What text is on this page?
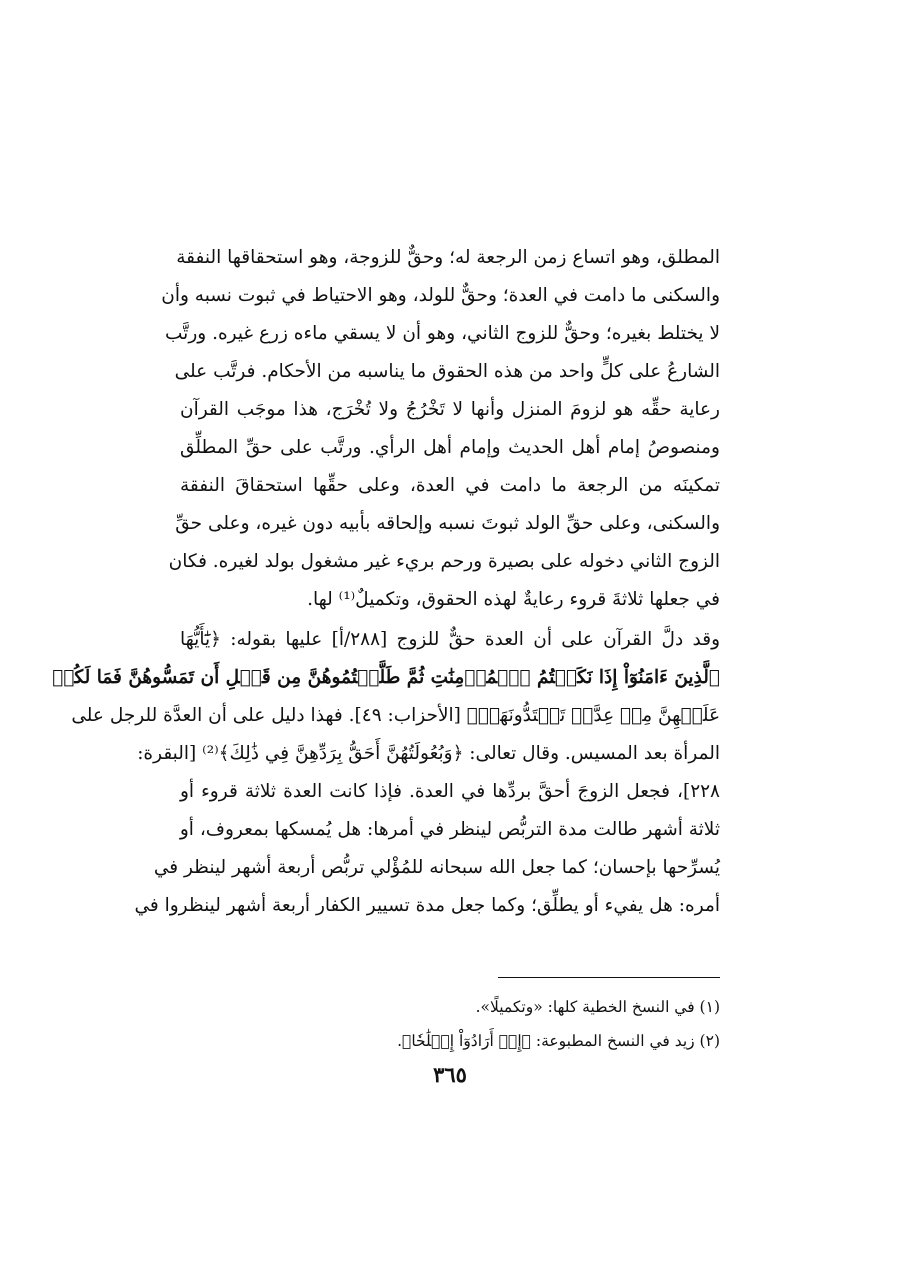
المطلق، وهو اتساع زمن الرجعة له؛ وحقٌّ للزوجة، وهو استحقاقها النفقة
والسكنى ما دامت في العدة؛ وحقٌّ للولد، وهو الاحتياط في ثبوت نسبه وأن
لا يختلط بغيره؛ وحقٌّ للزوج الثاني، وهو أن لا يسقي ماءه زرع غيره. ورتَّب
الشارعُ على كلٍّ واحد من هذه الحقوق ما يناسبه من الأحكام. فرتَّب على
رعاية حقِّه هو لزومَ المنزل وأنها لا تَخْرُجُ ولا تُخْرَج، هذا موجَب القرآن
ومنصوصُ إمام أهل الحديث وإمام أهل الرأي. ورتَّب على حقِّ المطلِّق
تمكينَه من الرجعة ما دامت في العدة، وعلى حقِّها استحقاقَ النفقة
والسكنى، وعلى حقِّ الولد ثبوتَ نسبه وإلحاقه بأبيه دون غيره، وعلى حقِّ
الزوج الثاني دخوله على بصيرة ورحم بريء غير مشغول بولد لغيره. فكان
في جعلها ثلاثةَ قروء رعايةٌ لهذه الحقوق، وتكميلٌ⁽¹⁾ لها.
وقد دلَّ القرآن على أن العدة حقٌّ للزوج [٢٨٨/أ] عليها بقوله: ﴿يَٰٓأَيُّهَا
ٱلَّذِينَ ءَامَنُوٓاْ إِذَا نَكَحۡتُمُ ٱلۡمُؤۡمِنَٰتِ ثُمَّ طَلَّقۡتُمُوهُنَّ مِن قَبۡلِ أَن تَمَسُّوهُنَّ فَمَا لَكُمۡ
عَلَيۡهِنَّ مِنۡ عِدَّةٖ تَعۡتَدُّونَهَاۖ﴾ [الأحزاب: ٤٩]. فهذا دليل على أن العدَّة للرجل على
المرأة بعد المسيس. وقال تعالى: ﴿وَبُعُولَتُهُنَّ أَحَقُّ بِرَدِّهِنَّ فِي ذَٰلِكَ﴾⁽²⁾ [البقرة:
٢٢٨]، فجعل الزوجَ أحقَّ بردِّها في العدة. فإذا كانت العدة ثلاثة قروء أو
ثلاثة أشهر طالت مدة التربُّص لينظر في أمرها: هل يُمسكها بمعروف، أو
يُسرِّحها بإحسان؛ كما جعل الله سبحانه للمُؤْلي تربُّص أربعة أشهر لينظر في
أمره: هل يفيء أو يطلِّق؛ وكما جعل مدة تسيير الكفار أربعة أشهر لينظروا في
(١) في النسخ الخطية كلها: «وتكميلًا».
(٢) زيد في النسخ المطبوعة: ﴿إِنۡ أَرَادُوٓاْ إِصۡلَٰحٗا﴾.
٣٦٥
